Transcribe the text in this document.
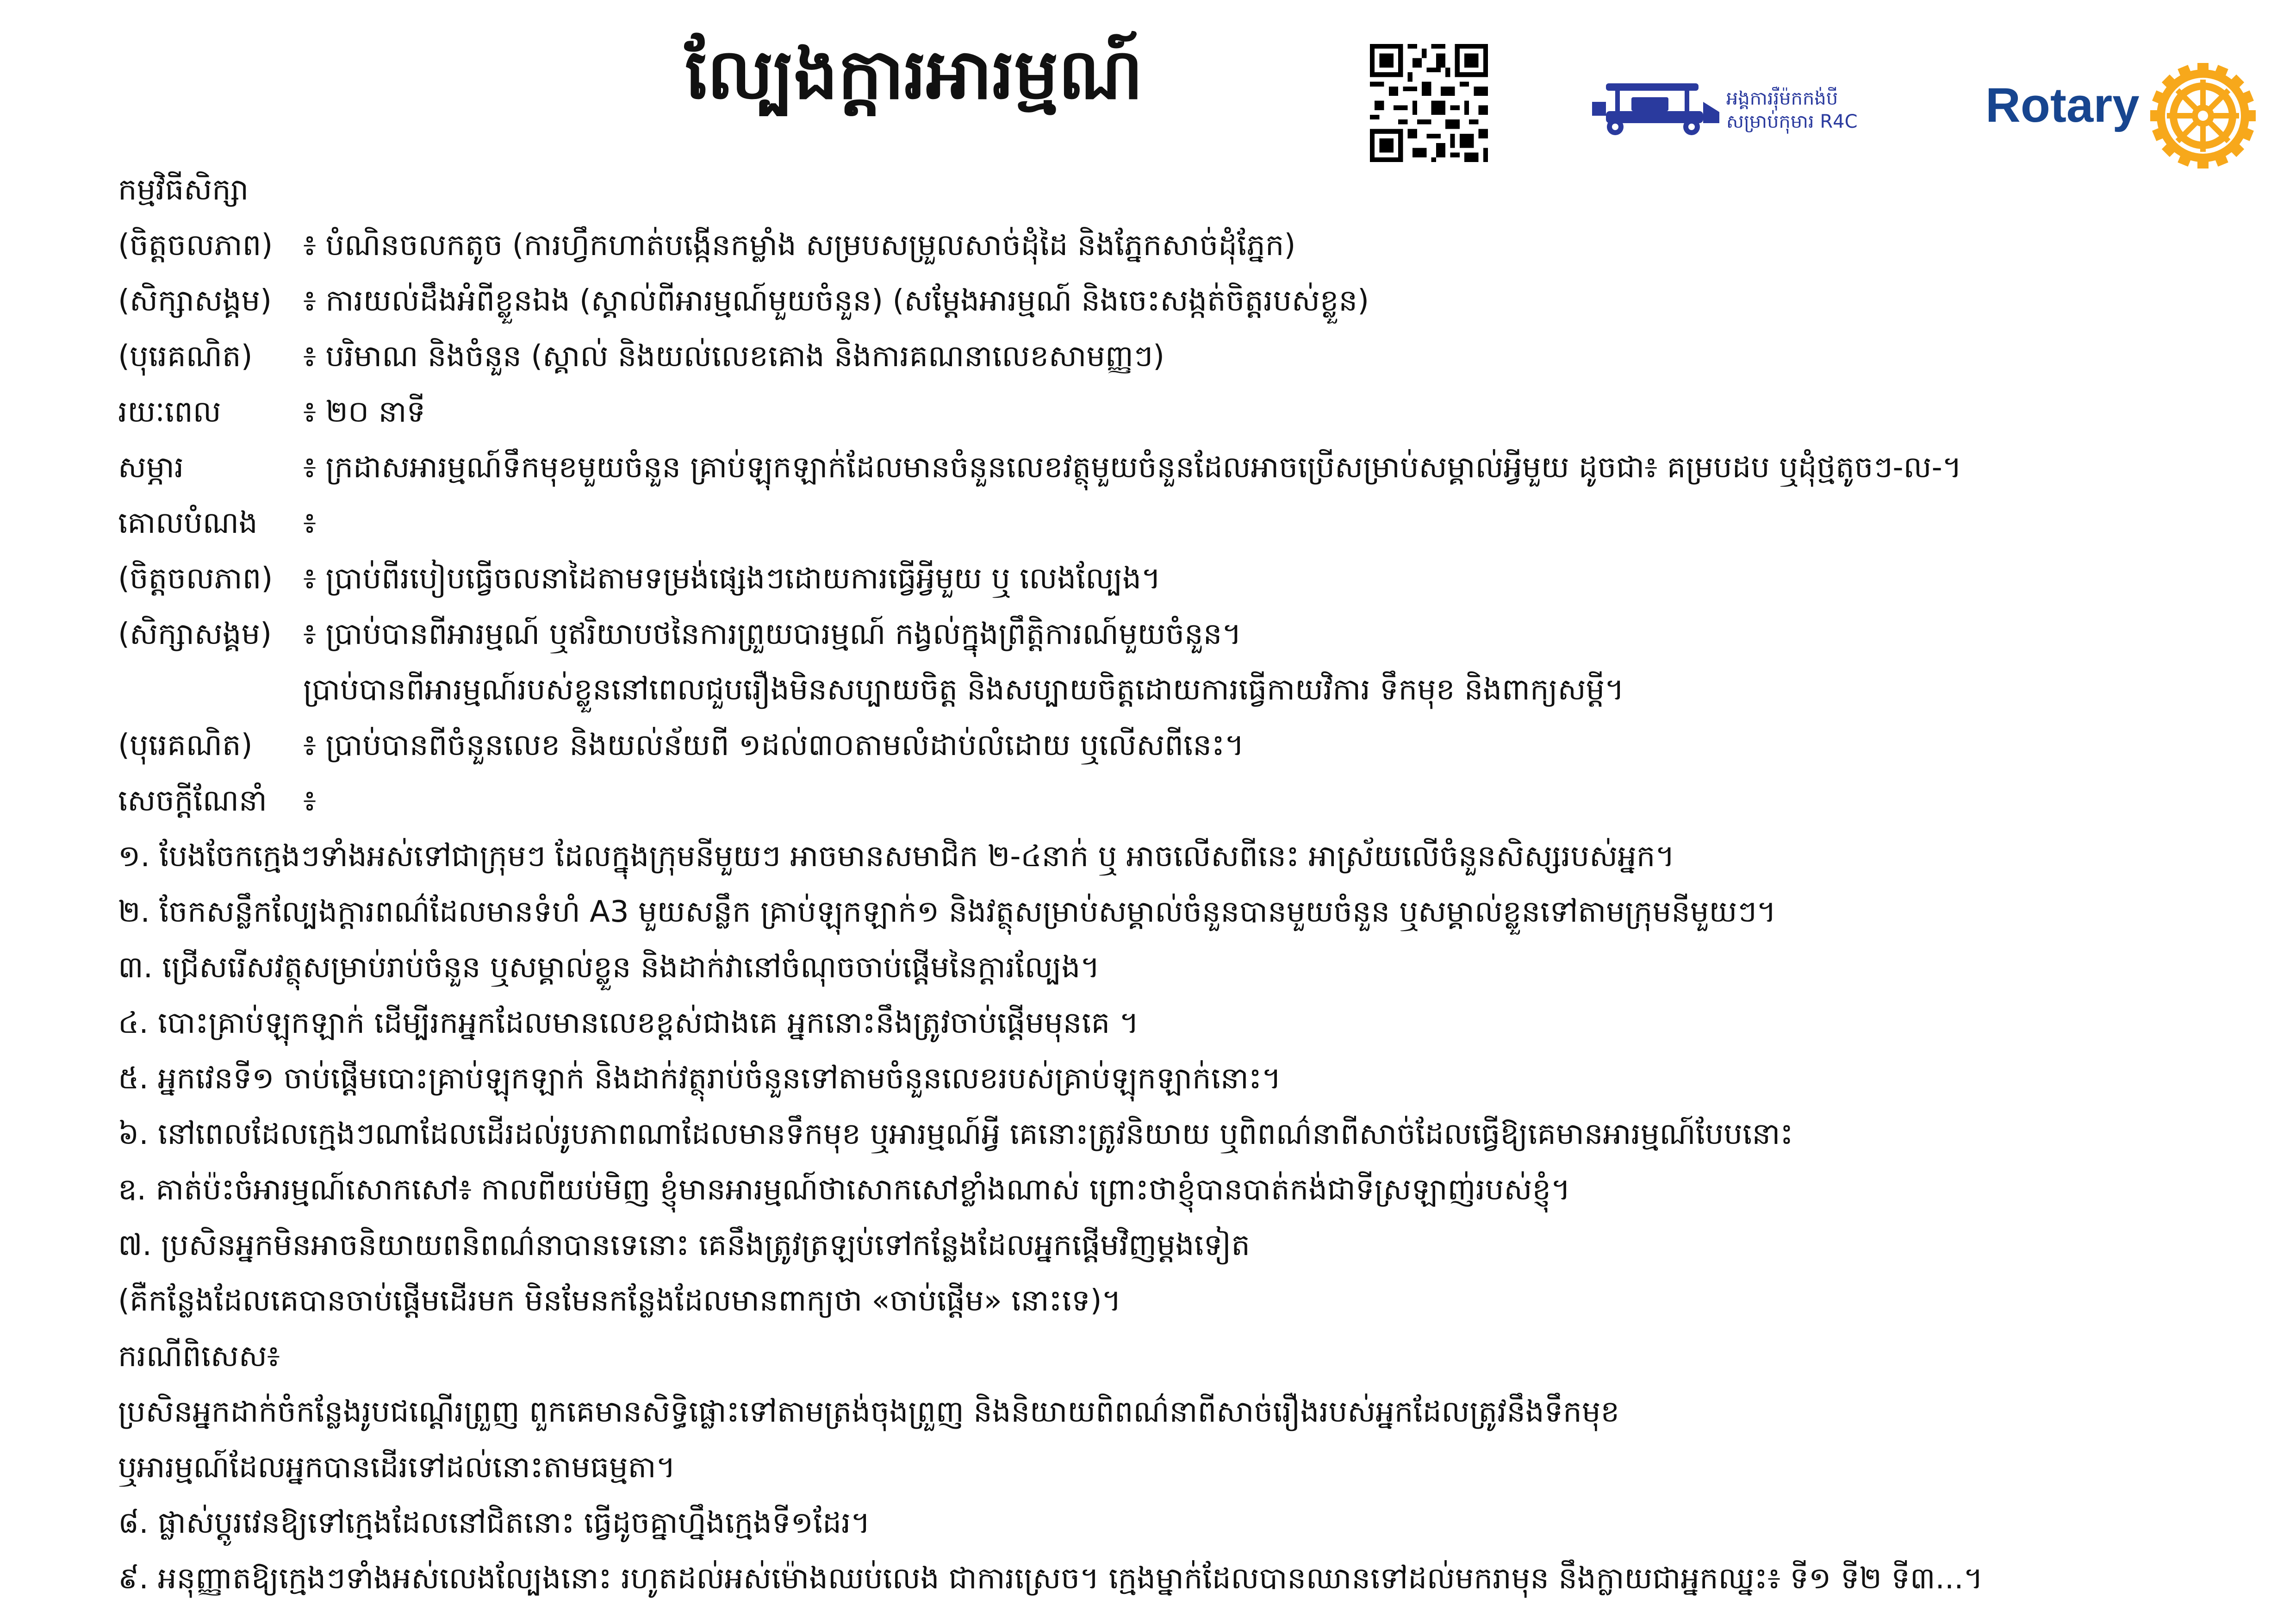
ល្បែងក្តារអារម្មណ៍	អង្គការរ៉ឺម៉កកង់បី
សម្រាប់កុមារ R4C	Rotary
កម្មវិធីសិក្សា
(ចិត្តចលភាព) ៖ បំណិនចលកតូច (ការហ្វឹកហាត់បង្កើនកម្លាំង សម្របសម្រួលសាច់ដុំដៃ និងភ្នែកសាច់ដុំភ្នែក)
(សិក្សាសង្គម) ៖ ការយល់ដឹងអំពីខ្លួនឯង (ស្គាល់ពីអារម្មណ៍មួយចំនួន) (សម្តែងអារម្មណ៍ និងចេះសង្កត់ចិត្តរបស់ខ្លួន)
(បុរេគណិត) ៖ បរិមាណ និងចំនួន (ស្គាល់ និងយល់លេខគោង និងការគណនាលេខសាមញ្ញៗ)
រយៈពេល	៖ ២០ នាទី
សម្ភារ	៖ ក្រដាសអារម្មណ៍ទឹកមុខមួយចំនួន គ្រាប់ឡុកឡាក់ដែលមានចំនួនលេខវត្ថុមួយចំនួនដែលអាចប្រើសម្រាប់សម្គាល់អ្វីមួយ ដូចជា៖ គម្របដប ឬដុំថ្មតូចៗ-ល-។
គោលបំណង ៖
(ចិត្តចលភាព) ៖ ប្រាប់ពីរបៀបធ្វើចលនាដៃតាមទម្រង់ផ្សេងៗដោយការធ្វើអ្វីមួយ ឬ លេងល្បែង។
(សិក្សាសង្គម) ៖ ប្រាប់បានពីអារម្មណ៍ ឬឥរិយាបថនៃការព្រួយបារម្មណ៍ កង្វល់ក្នុងព្រឹត្តិការណ៍មួយចំនួន។
ប្រាប់បានពីអារម្មណ៍របស់ខ្លួននៅពេលជួបរឿងមិនសប្បាយចិត្ត និងសប្បាយចិត្តដោយការធ្វើកាយវិការ ទឹកមុខ និងពាក្យសម្តី។
(បុរេគណិត) ៖ ប្រាប់បានពីចំនួនលេខ និងយល់ន័យពី ១ដល់៣០តាមលំដាប់លំដោយ ឬលើសពីនេះ។
សេចក្តីណែនាំ ៖
១. បែងចែកក្មេងៗទាំងអស់ទៅជាក្រុមៗ ដែលក្នុងក្រុមនីមួយៗ អាចមានសមាជិក ២-៤នាក់ ឬ អាចលើសពីនេះ អាស្រ័យលើចំនួនសិស្សរបស់អ្នក។
២. ចែកសន្លឹកល្បែងក្តារពណ៌ដែលមានទំហំ A3 មួយសន្លឹក គ្រាប់ឡុកឡាក់១ និងវត្ថុសម្រាប់សម្គាល់ចំនួនបានមួយចំនួន ឬសម្គាល់ខ្លួនទៅតាមក្រុមនីមួយៗ។
៣. ជ្រើសរើសវត្ថុសម្រាប់រាប់ចំនួន ឬសម្គាល់ខ្លួន និងដាក់វានៅចំណុចចាប់ផ្តើមនៃក្តារល្បែង។
៤. បោះគ្រាប់ឡុកឡាក់ ដើម្បីរកអ្នកដែលមានលេខខ្ពស់ជាងគេ អ្នកនោះនឹងត្រូវចាប់ផ្តើមមុនគេ ។
៥. អ្នកវេនទី១ ចាប់ផ្តើមបោះគ្រាប់ឡុកឡាក់ និងដាក់វត្ថុរាប់ចំនួនទៅតាមចំនួនលេខរបស់គ្រាប់ឡុកឡាក់នោះ។
៦. នៅពេលដែលក្មេងៗណាដែលដើរដល់រូបភាពណាដែលមានទឹកមុខ ឬអារម្មណ៍អ្វី គេនោះត្រូវនិយាយ ឬពិពណ៌នាពីសាច់ដែលធ្វើឱ្យគេមានអារម្មណ៍បែបនោះ
ឧ. គាត់ប៉ះចំអារម្មណ៍សោកសៅ៖ កាលពីយប់មិញ ខ្ញុំមានអារម្មណ៍ថាសោកសៅខ្លាំងណាស់ ព្រោះថាខ្ញុំបានបាត់កង់ជាទីស្រឡាញ់របស់ខ្ញុំ។
៧. ប្រសិនអ្នកមិនអាចនិយាយពនិពណ៌នាបានទេនោះ គេនឹងត្រូវត្រឡប់ទៅកន្លែងដែលអ្នកផ្តើមវិញម្តងទៀត
(គឺកន្លែងដែលគេបានចាប់ផ្តើមដើរមក មិនមែនកន្លែងដែលមានពាក្យថា «ចាប់ផ្តើម» នោះទេ)។
ករណីពិសេស៖
ប្រសិនអ្នកដាក់ចំកន្លែងរូបជណ្តើរព្រួញ ពួកគេមានសិទ្ធិផ្លោះទៅតាមត្រង់ចុងព្រួញ និងនិយាយពិពណ៌នាពីសាច់រឿងរបស់អ្នកដែលត្រូវនឹងទឹកមុខ
ឬអារម្មណ៍ដែលអ្នកបានដើរទៅដល់នោះតាមធម្មតា។
៨. ផ្លាស់ប្តូរវេនឱ្យទៅក្មេងដែលនៅជិតនោះ ធ្វើដូចគ្នាហ្នឹងក្មេងទី១ដែរ។
៩. អនុញ្ញាតឱ្យក្មេងៗទាំងអស់លេងល្បែងនោះ រហូតដល់អស់ម៉ោងឈប់លេង ជាការស្រេច។ ក្មេងម្នាក់ដែលបានឈានទៅដល់មករាមុន នឹងក្លាយជាអ្នកឈ្នះ៖ ទី១ ទី២ ទី៣...។
